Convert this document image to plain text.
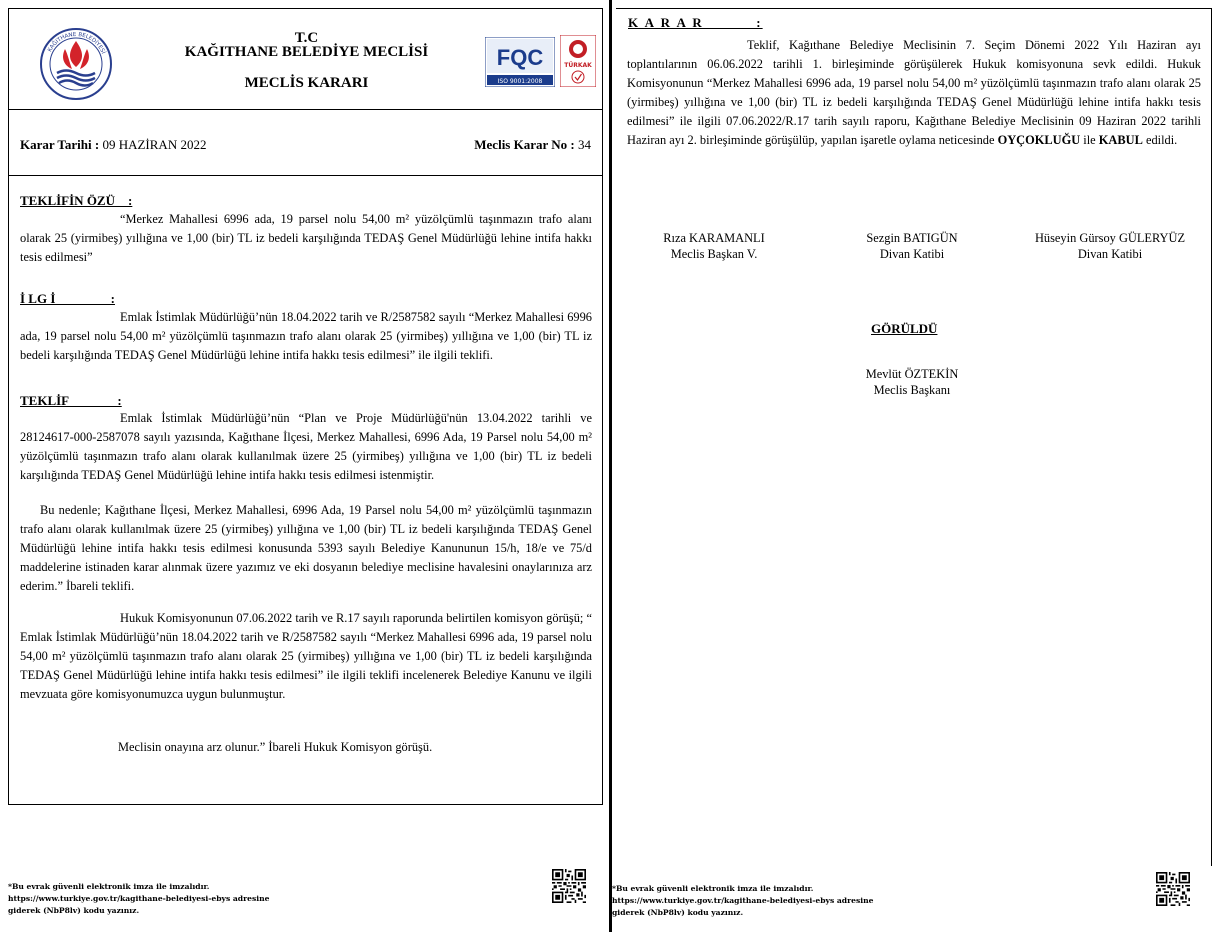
KAĞITHANE BELEDİYESİ
T.C
KAĞITHANE BELEDİYE MECLİSİ
MECLİS KARARI
FQC
ISO 9001:2008
TÜRKAK
Karar Tarihi : 09 HAZİRAN 2022	Meclis Karar No : 34
TEKLİFİN ÖZÜ    :
“Merkez Mahallesi 6996 ada, 19 parsel nolu 54,00 m² yüzölçümlü taşınmazın trafo alanı olarak 25 (yirmibeş) yıllığına ve 1,00 (bir) TL iz bedeli karşılığında TEDAŞ Genel Müdürlüğü lehine intifa hakkı tesis edilmesi”
İ LG İ                 :
Emlak İstimlak Müdürlüğü’nün 18.04.2022 tarih ve R/2587582 sayılı “Merkez Mahallesi 6996 ada, 19 parsel nolu 54,00 m² yüzölçümlü taşınmazın trafo alanı olarak 25 (yirmibeş) yıllığına ve 1,00 (bir) TL iz bedeli karşılığında TEDAŞ Genel Müdürlüğü lehine intifa hakkı tesis edilmesi” ile ilgili teklifi.
TEKLİF               :
Emlak İstimlak Müdürlüğü’nün “Plan ve Proje Müdürlüğü'nün 13.04.2022 tarihli ve 28124617-000-2587078 sayılı yazısında, Kağıthane İlçesi, Merkez Mahallesi, 6996 Ada, 19 Parsel nolu 54,00 m² yüzölçümlü taşınmazın trafo alanı olarak kullanılmak üzere 25 (yirmibeş) yıllığına ve 1,00 (bir) TL iz bedeli karşılığında TEDAŞ Genel Müdürlüğü lehine intifa hakkı tesis edilmesi istenmiştir.
Bu nedenle; Kağıthane İlçesi, Merkez Mahallesi, 6996 Ada, 19 Parsel nolu 54,00 m² yüzölçümlü taşınmazın trafo alanı olarak kullanılmak üzere 25 (yirmibeş) yıllığına ve 1,00 (bir) TL iz bedeli karşılığında TEDAŞ Genel Müdürlüğü lehine intifa hakkı tesis edilmesi konusunda 5393 sayılı Belediye Kanununun 15/h, 18/e ve 75/d maddelerine istinaden karar alınmak üzere yazımız ve eki dosyanın belediye meclisine havalesini onaylarınıza arz ederim.” İbareli teklifi.
Hukuk Komisyonunun 07.06.2022 tarih ve R.17 sayılı raporunda belirtilen komisyon görüşü; “ Emlak İstimlak Müdürlüğü’nün 18.04.2022 tarih ve R/2587582 sayılı “Merkez Mahallesi 6996 ada, 19 parsel nolu 54,00 m² yüzölçümlü taşınmazın trafo alanı olarak 25 (yirmibeş) yıllığına ve 1,00 (bir) TL iz bedeli karşılığında TEDAŞ Genel Müdürlüğü lehine intifa hakkı tesis edilmesi” ile ilgili teklifi incelenerek Belediye Kanunu ve ilgili mevzuata göre komisyonumuzca uygun bulunmuştur.
Meclisin onayına arz olunur.” İbareli Hukuk Komisyon görüşü.
*Bu evrak güvenli elektronik imza ile imzalıdır.
https://www.turkiye.gov.tr/kagithane-belediyesi-ebys adresine
giderek (NbP8lv) kodu yazınız.
K A R A R          :
Teklif, Kağıthane Belediye Meclisinin 7. Seçim Dönemi 2022 Yılı Haziran ayı toplantılarının 06.06.2022 tarihli 1. birleşiminde görüşülerek Hukuk komisyonuna sevk edildi. Hukuk Komisyonunun “Merkez Mahallesi 6996 ada, 19 parsel nolu 54,00 m² yüzölçümlü taşınmazın trafo alanı olarak 25 (yirmibeş) yıllığına ve 1,00 (bir) TL iz bedeli karşılığında TEDAŞ Genel Müdürlüğü lehine intifa hakkı tesis edilmesi” ile ilgili 07.06.2022/R.17 tarih sayılı raporu, Kağıthane Belediye Meclisinin 09 Haziran 2022 tarihli Haziran ayı 2. birleşiminde görüşülüp, yapılan işaretle oylama neticesinde OYÇOKLUĞU ile KABUL edildi.
Rıza KARAMANLI
Meclis Başkan V.
Sezgin BATIGÜN
Divan Katibi
Hüseyin Gürsoy GÜLERYÜZ
Divan Katibi
GÖRÜLDÜ
Mevlüt ÖZTEKİN
Meclis Başkanı
*Bu evrak güvenli elektronik imza ile imzalıdır.
https://www.turkiye.gov.tr/kagithane-belediyesi-ebys adresine
giderek (NbP8lv) kodu yazınız.
